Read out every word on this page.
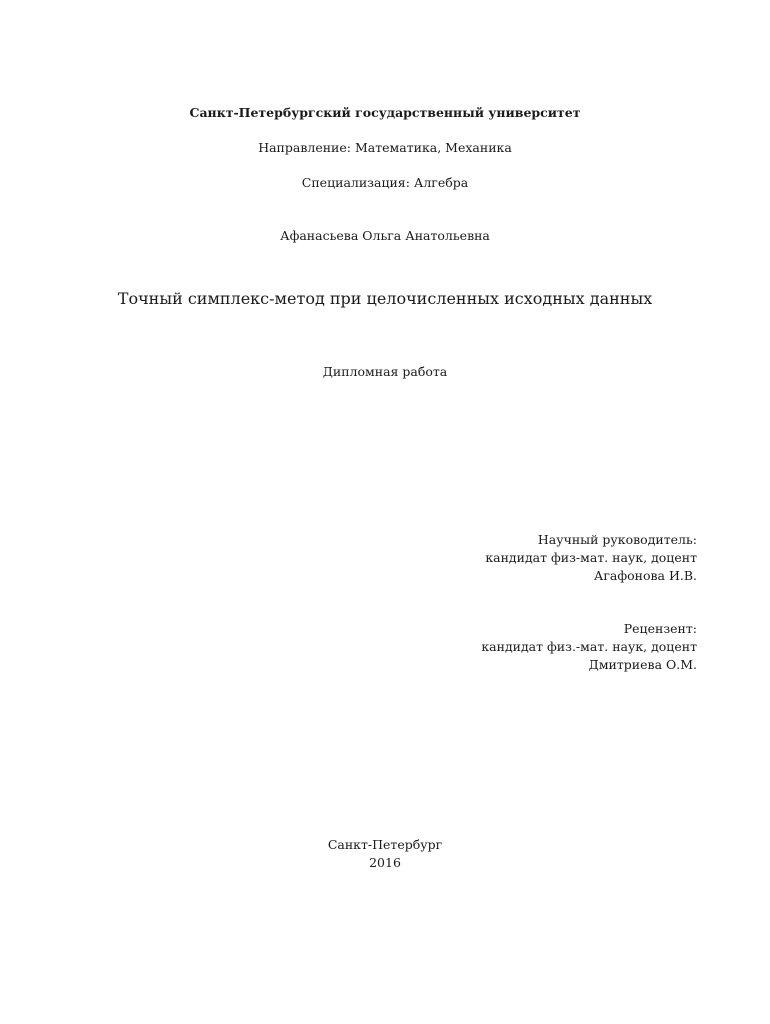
Санкт-Петербургский государственный университет
Направление: Математика, Механика
Специализация: Алгебра
Афанасьева Ольга Анатольевна
Точный симплекс-метод при целочисленных исходных данных
Дипломная работа
Научный руководитель:
кандидат физ-мат. наук, доцент
Агафонова И.В.
Рецензент:
кандидат физ.-мат. наук, доцент
Дмитриева О.М.
Санкт-Петербург
2016
